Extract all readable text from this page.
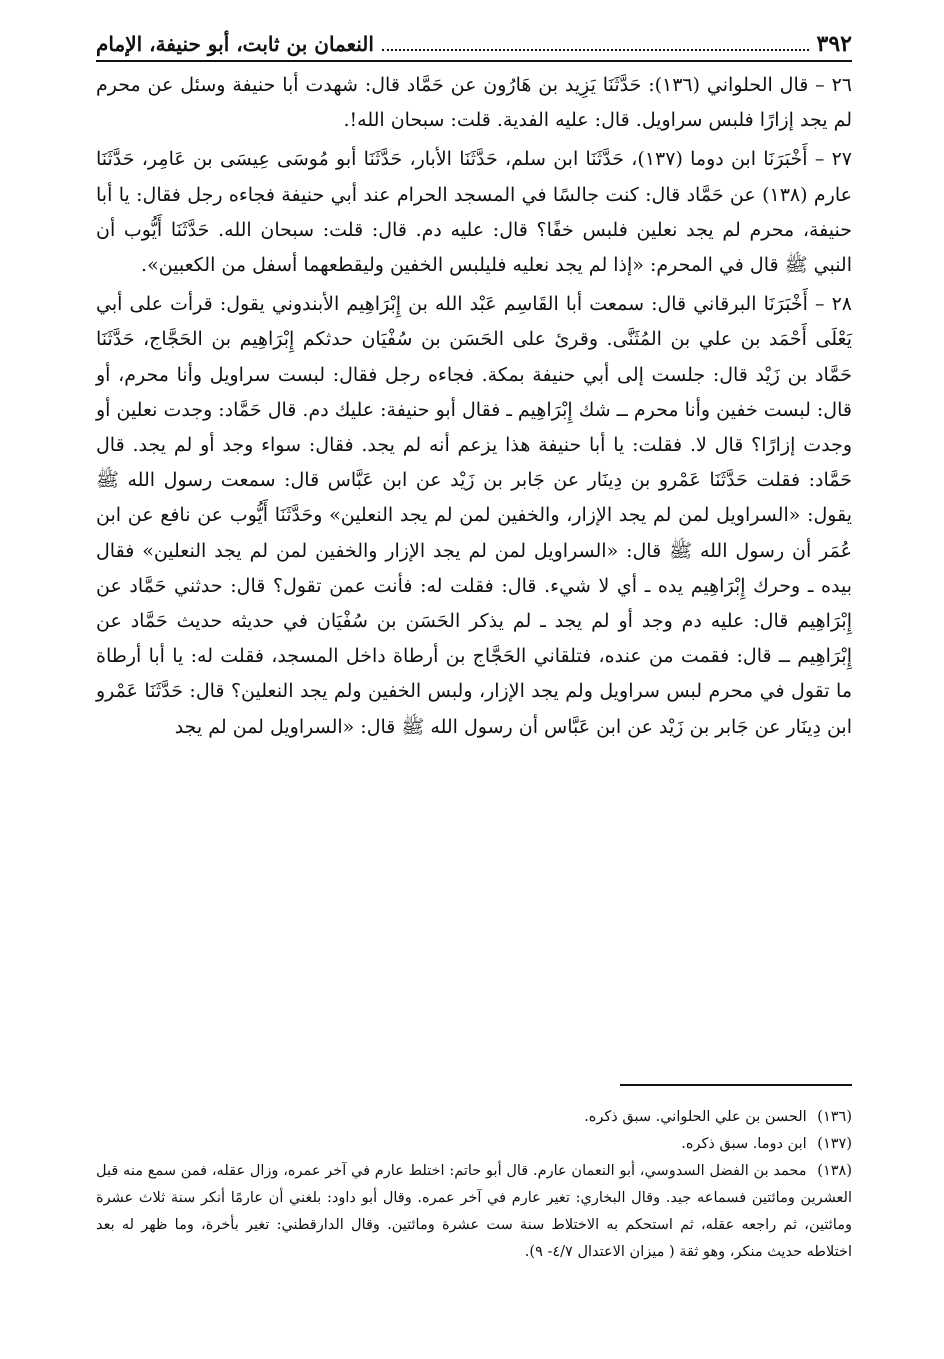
٣٩٢
النعمان بن ثابت، أبو حنيفة، الإمام

٢٦ – قال الحلواني (١٣٦): حَدَّثَنَا يَزِيد بن هَارُون عن حَمَّاد قال: شهدت أبا حنيفة وسئل عن محرم لم يجد إزارًا فلبس سراويل. قال: عليه الفدية. قلت: سبحان الله!.

٢٧ – أَخْبَرَنَا ابن دوما (١٣٧)، حَدَّثَنَا ابن سلم، حَدَّثَنَا الأبار، حَدَّثَنَا أبو مُوسَى عِيسَى بن عَامِر، حَدَّثَنَا عارم (١٣٨) عن حَمَّاد قال: كنت جالسًا في المسجد الحرام عند أبي حنيفة فجاءه رجل فقال: يا أبا حنيفة، محرم لم يجد نعلين فلبس خفًا؟ قال: عليه دم. قال: قلت: سبحان الله. حَدَّثَنَا أَيُّوب أن النبي ﷺ قال في المحرم: «إذا لم يجد نعليه فليلبس الخفين وليقطعهما أسفل من الكعبين».

٢٨ – أَخْبَرَنَا البرقاني قال: سمعت أبا القَاسِم عَبْد الله بن إِبْرَاهِيم الأبندوني يقول: قرأت على أبي يَعْلَى أَحْمَد بن علي بن المُثَنَّى. وقرئ على الحَسَن بن سُفْيَان حدثكم إِبْرَاهِيم بن الحَجَّاج، حَدَّثَنَا حَمَّاد بن زَيْد قال: جلست إلى أبي حنيفة بمكة. فجاءه رجل فقال: لبست سراويل وأنا محرم، أو قال: لبست خفين وأنا محرم ــ شك إِبْرَاهِيم ـ فقال أبو حنيفة: عليك دم. قال حَمَّاد: وجدت نعلين أو وجدت إزارًا؟ قال لا. فقلت: يا أبا حنيفة هذا يزعم أنه لم يجد. فقال: سواء وجد أو لم يجد. قال حَمَّاد: فقلت حَدَّثَنَا عَمْرو بن دِينَار عن جَابر بن زَيْد عن ابن عَبَّاس قال: سمعت رسول الله ﷺ يقول: «السراويل لمن لم يجد الإزار، والخفين لمن لم يجد النعلين» وحَدَّثَنَا أَيُّوب عن نافع عن ابن عُمَر أن رسول الله ﷺ قال: «السراويل لمن لم يجد الإزار والخفين لمن لم يجد النعلين» فقال بيده ـ وحرك إِبْرَاهِيم يده ـ أي لا شيء. قال: فقلت له: فأنت عمن تقول؟ قال: حدثني حَمَّاد عن إِبْرَاهِيم قال: عليه دم وجد أو لم يجد ـ لم يذكر الحَسَن بن سُفْيَان في حديثه حديث حَمَّاد عن إِبْرَاهِيم ــ قال: فقمت من عنده، فتلقاني الحَجَّاج بن أرطاة داخل المسجد، فقلت له: يا أبا أرطاة ما تقول في محرم لبس سراويل ولم يجد الإزار، ولبس الخفين ولم يجد النعلين؟ قال: حَدَّثَنَا عَمْرو ابن دِينَار عن جَابر بن زَيْد عن ابن عَبَّاس أن رسول الله ﷺ قال: «السراويل لمن لم يجد

(١٣٦) الحسن بن علي الحلواني. سبق ذكره.

(١٣٧) ابن دوما. سبق ذكره.

(١٣٨) محمد بن الفضل السدوسي، أبو النعمان عارم. قال أبو حاتم: اختلط عارم في آخر عمره، وزال عقله، فمن سمع منه قبل العشرين ومائتين فسماعه جيد. وقال البخاري: تغير عارم في آخر عمره. وقال أبو داود: بلغني أن عارمًا أنكر سنة ثلاث عشرة ومائتين، ثم راجعه عقله، ثم استحكم به الاختلاط سنة ست عشرة ومائتين. وقال الدارقطني: تغير بأخرة، وما ظهر له بعد اختلاطه حديث منكر، وهو ثقة ( ميزان الاعتدال ٤/٧- ٩).
